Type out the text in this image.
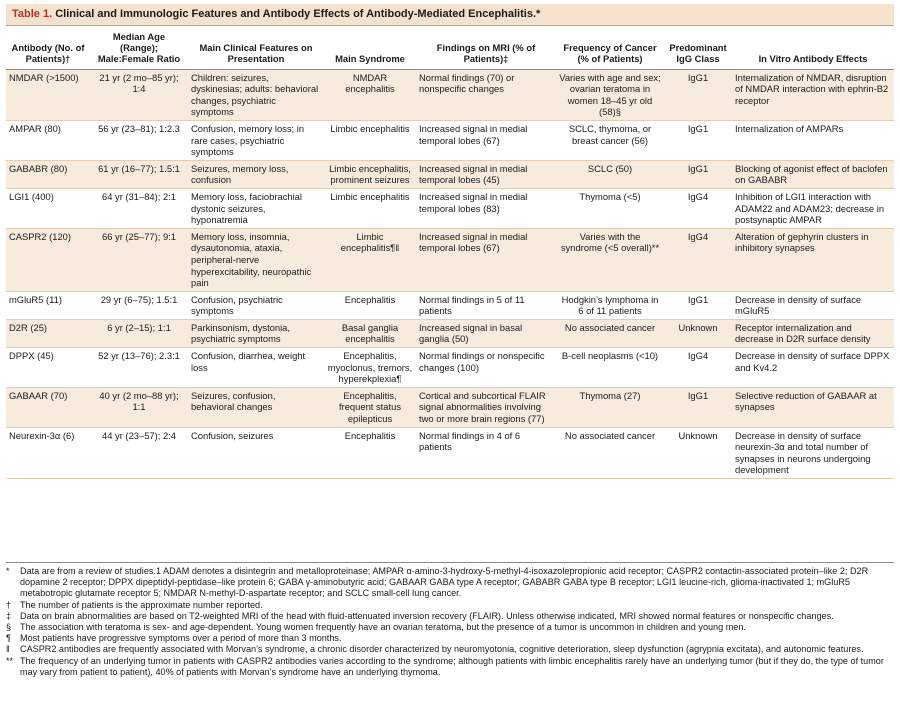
Table 1. Clinical and Immunologic Features and Antibody Effects of Antibody-Mediated Encephalitis.*
Antibody (No. of Patients)†	Median Age (Range); Male:Female Ratio	Main Clinical Features on Presentation	Main Syndrome	Findings on MRI (% of Patients)‡	Frequency of Cancer (% of Patients)	Predominant IgG Class	In Vitro Antibody Effects
NMDAR (>1500)	21 yr (2 mo–85 yr); 1:4	Children: seizures, dyskinesias; adults: behavioral changes, psychiatric symptoms	NMDAR encephalitis	Normal findings (70) or nonspecific changes	Varies with age and sex; ovarian teratoma in women 18–45 yr old (58)§	IgG1	Internalization of NMDAR, disruption of NMDAR interaction with ephrin-B2 receptor
AMPAR (80)	56 yr (23–81); 1:2.3	Confusion, memory loss; in rare cases, psychiatric symptoms	Limbic encephalitis	Increased signal in medial temporal lobes (67)	SCLC, thymoma, or breast cancer (56)	IgG1	Internalization of AMPARs
GABABR (80)	61 yr (16–77); 1.5:1	Seizures, memory loss, confusion	Limbic encephalitis, prominent seizures	Increased signal in medial temporal lobes (45)	SCLC (50)	IgG1	Blocking of agonist effect of baclofen on GABABR
LGI1 (400)	64 yr (31–84); 2:1	Memory loss, faciobrachial dystonic seizures, hyponatremia	Limbic encephalitis	Increased signal in medial temporal lobes (83)	Thymoma (<5)	IgG4	Inhibition of LGI1 interaction with ADAM22 and ADAM23; decrease in postsynaptic AMPAR
CASPR2 (120)	66 yr (25–77); 9:1	Memory loss, insomnia, dysautonomia, ataxia, peripheral-nerve hyperexcitability, neuropathic pain	Limbic encephalitis¶‖	Increased signal in medial temporal lobes (67)	Varies with the syndrome (<5 overall)**	IgG4	Alteration of gephyrin clusters in inhibitory synapses
mGluR5 (11)	29 yr (6–75); 1.5:1	Confusion, psychiatric symptoms	Encephalitis	Normal findings in 5 of 11 patients	Hodgkin’s lymphoma in 6 of 11 patients	IgG1	Decrease in density of surface mGluR5
D2R (25)	6 yr (2–15); 1:1	Parkinsonism, dystonia, psychiatric symptoms	Basal ganglia encephalitis	Increased signal in basal ganglia (50)	No associated cancer	Unknown	Receptor internalization and decrease in D2R surface density
DPPX (45)	52 yr (13–76); 2.3:1	Confusion, diarrhea, weight loss	Encephalitis, myoclonus, tremors, hyperekplexia¶	Normal findings or nonspecific changes (100)	B-cell neoplasms (<10)	IgG4	Decrease in density of surface DPPX and Kv4.2
GABAAR (70)	40 yr (2 mo–88 yr); 1:1	Seizures, confusion, behavioral changes	Encephalitis, frequent status epilepticus	Cortical and subcortical FLAIR signal abnormalities involving two or more brain regions (77)	Thymoma (27)	IgG1	Selective reduction of GABAAR at synapses
Neurexin-3α (6)	44 yr (23–57); 2:4	Confusion, seizures	Encephalitis	Normal findings in 4 of 6 patients	No associated cancer	Unknown	Decrease in density of surface neurexin-3α and total number of synapses in neurons undergoing development
*	Data are from a review of studies.1 ADAM denotes a disintegrin and metalloproteinase; AMPAR α-amino-3-hydroxy-5-methyl-4-isoxazolepropionic acid receptor; CASPR2 contactin-associated protein–like 2; D2R dopamine 2 receptor; DPPX dipeptidyl-peptidase–like protein 6; GABA γ-aminobutyric acid; GABAAR GABA type A receptor; GABABR GABA type B receptor; LGI1 leucine-rich, glioma-inactivated 1; mGluR5 metabotropic glutamate receptor 5; NMDAR N-methyl-D-aspartate receptor; and SCLC small-cell lung cancer.
† The number of patients is the approximate number reported.
‡ Data on brain abnormalities are based on T2-weighted MRI of the head with fluid-attenuated inversion recovery (FLAIR). Unless otherwise indicated, MRI showed normal features or nonspecific changes.
§ The association with teratoma is sex- and age-dependent. Young women frequently have an ovarian teratoma, but the presence of a tumor is uncommon in children and young men.
¶	Most patients have progressive symptoms over a period of more than 3 months.
‖	CASPR2 antibodies are frequently associated with Morvan’s syndrome, a chronic disorder characterized by neuromyotonia, cognitive deterioration, sleep dysfunction (agrypnia excitata), and autonomic features.
** The frequency of an underlying tumor in patients with CASPR2 antibodies varies according to the syndrome; although patients with limbic encephalitis rarely have an underlying tumor (but if they do, the type of tumor may vary from patient to patient), 40% of patients with Morvan’s syndrome have an underlying thymoma.
